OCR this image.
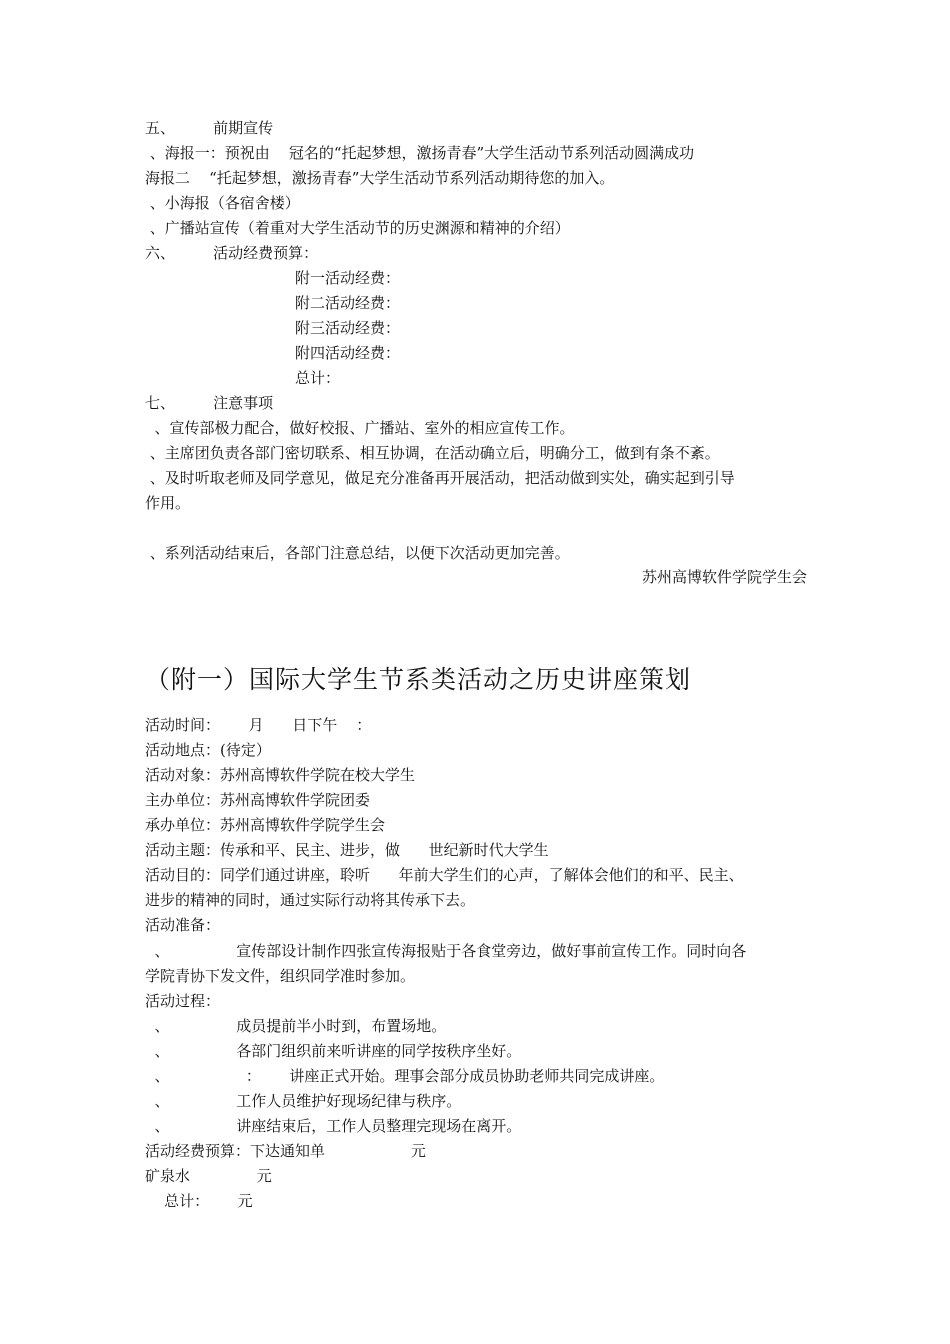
五、        前期宣传
、海报一：预祝由    冠名的“托起梦想，激扬青春”大学生活动节系列活动圆满成功
海报二    “托起梦想，激扬青春”大学生活动节系列活动期待您的加入。
、小海报（各宿舍楼）
、广播站宣传（着重对大学生活动节的历史渊源和精神的介绍）
六、        活动经费预算：
附一活动经费：
附二活动经费：
附三活动经费：
附四活动经费：
总计：
七、        注意事项
、宣传部极力配合，做好校报、广播站、室外的相应宣传工作。
、主席团负责各部门密切联系、相互协调，在活动确立后，明确分工，做到有条不紊。
、及时听取老师及同学意见，做足充分准备再开展活动，把活动做到实处，确实起到引导
作用。
、系列活动结束后，各部门注意总结，以便下次活动更加完善。
苏州高博软件学院学生会
（附一）国际大学生节系类活动之历史讲座策划
活动时间：      月      日下午    ：
活动地点：(待定）
活动对象：苏州高博软件学院在校大学生
主办单位：苏州高博软件学院团委
承办单位：苏州高博软件学院学生会
活动主题：传承和平、民主、进步，做      世纪新时代大学生
活动目的：同学们通过讲座，聆听      年前大学生们的心声，了解体会他们的和平、民主、
进步的精神的同时，通过实际行动将其传承下去。
活动准备：
、              宣传部设计制作四张宣传海报贴于各食堂旁边，做好事前宣传工作。同时向各
学院青协下发文件，组织同学准时参加。
活动过程：
、              成员提前半小时到，布置场地。
、              各部门组织前来听讲座的同学按秩序坐好。
、                ：      讲座正式开始。理事会部分成员协助老师共同完成讲座。
、              工作人员维护好现场纪律与秩序。
、              讲座结束后，工作人员整理完现场在离开。
活动经费预算：下达通知单                  元
矿泉水              元
总计：      元
